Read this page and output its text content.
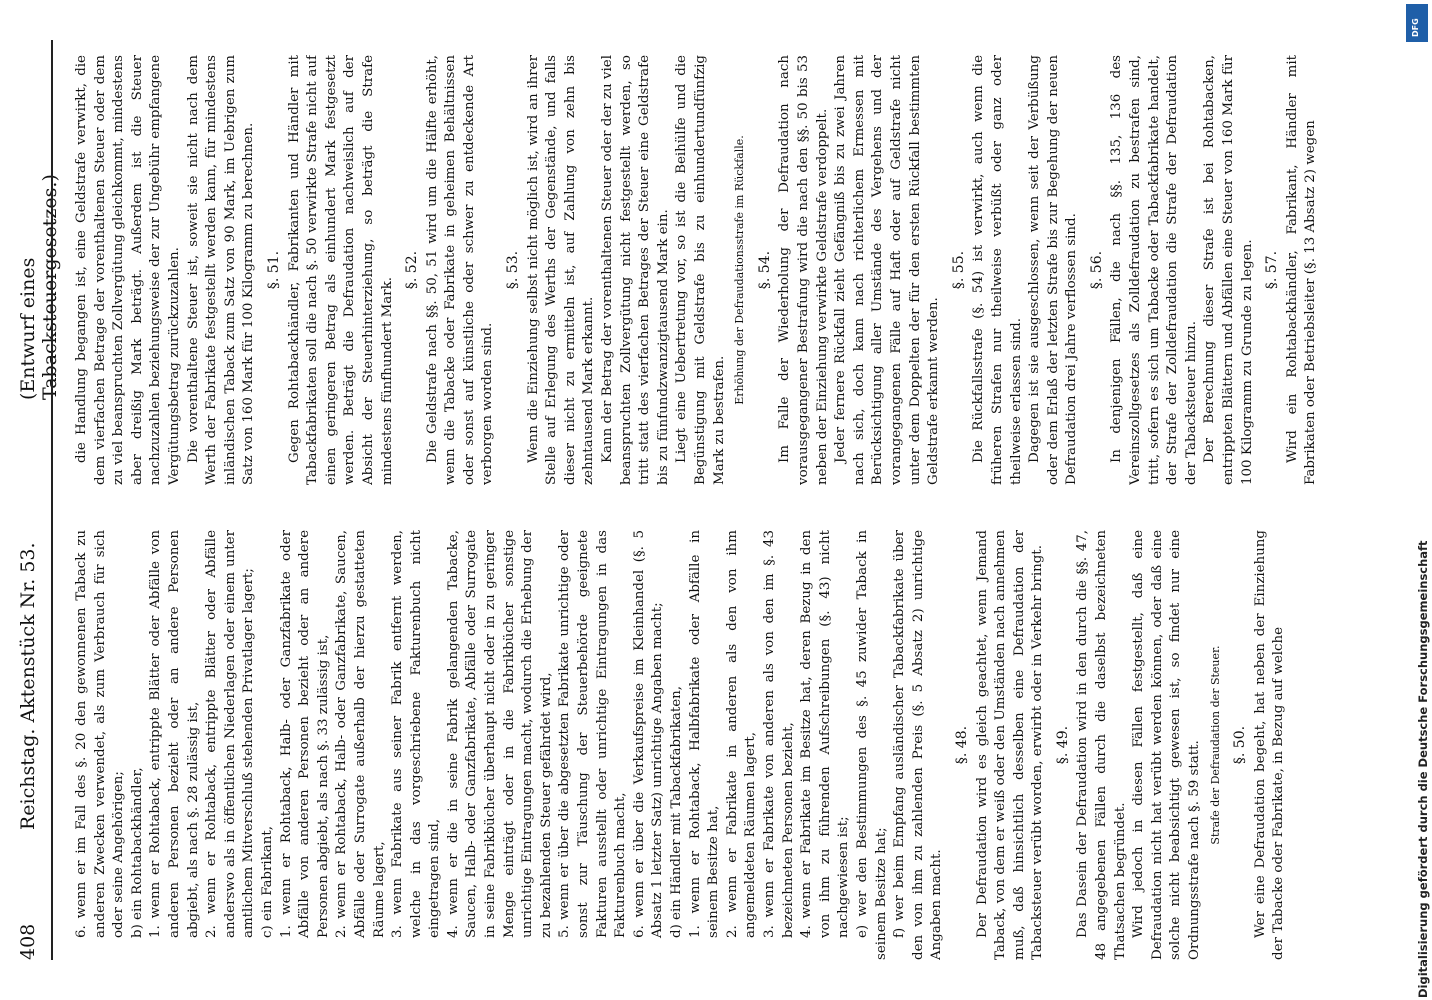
408
Reichstag. Aktenstück Nr. 53.
(Entwurf eines Tabacksteuergesetzes.)

6. wenn er im Fall des §. 20 den gewonnenen Taback zu anderen Zwecken verwendet, als zum Verbrauch für sich oder seine Angehörigen; b) ein Rohtabackhändler, 1. wenn er Rohtaback, entrippte Blätter oder Abfälle von anderen Personen bezieht oder an andere Personen abgiebt, als nach §. 28 zulässig ist, 2. wenn er Rohtaback, entrippte Blätter oder Abfälle anderswo als in öffentlichen Niederlagen oder einem unter amtlichem Mitverschluß stehenden Privatlager lagert; c) ein Fabrikant, 1. wenn er Rohtaback, Halb- oder Ganzfabrikate oder Abfälle von anderen Personen bezieht oder an andere Personen abgiebt, als nach §. 33 zulässig ist, 2. wenn er Rohtaback, Halb- oder Ganzfabrikate, Saucen, Abfälle oder Surrogate außerhalb der hierzu gestatteten Räume lagert, 3. wenn Fabrikate aus seiner Fabrik entfernt werden, welche in das vorgeschriebene Fakturenbuch nicht eingetragen sind, 4. wenn er die in seine Fabrik gelangenden Tabacke, Saucen, Halb- oder Ganzfabrikate, Abfälle oder Surrogate in seine Fabrikbücher überhaupt nicht oder in zu geringer Menge einträgt oder in die Fabrikbücher sonstige unrichtige Eintragungen macht, wodurch die Erhebung der zu bezahlenden Steuer gefährdet wird, 5. wenn er über die abgesetzten Fabrikate unrichtige oder sonst zur Täuschung der Steuerbehörde geeignete Fakturen ausstellt oder unrichtige Eintragungen in das Fakturenbuch macht, 6. wenn er über die Verkaufspreise im Kleinhandel (§. 5 Absatz 1 letzter Satz) unrichtige Angaben macht; d) ein Händler mit Tabackfabrikaten, 1. wenn er Rohtaback, Halbfabrikate oder Abfälle in seinem Besitze hat, 2. wenn er Fabrikate in anderen als den von ihm angemeldeten Räumen lagert, 3. wenn er Fabrikate von anderen als von den im §. 43 bezeichneten Personen bezieht, 4. wenn er Fabrikate im Besitze hat, deren Bezug in den von ihm zu führenden Aufschreibungen (§. 43) nicht nachgewiesen ist; e) wer den Bestimmungen des §. 45 zuwider Taback in seinem Besitze hat; f) wer beim Empfang ausländischer Tabackfabrikate über den von ihm zu zahlenden Preis (§. 5 Absatz 2) unrichtige Angaben macht.

§. 48. Der Defraudation wird es gleich geachtet, wenn Jemand Taback, von dem er weiß oder den Umständen nach annehmen muß, daß hinsichtlich desselben eine Defraudation der Tabacksteuer verübt worden, erwirbt oder in Verkehr bringt. §. 49. Das Dasein der Defraudation wird in den durch die §§. 47, 48 angegebenen Fällen durch die daselbst bezeichneten Thatsachen begründet. Wird jedoch in diesen Fällen festgestellt, daß eine Defraudation nicht hat verübt werden können, oder daß eine solche nicht beabsichtigt gewesen ist, so findet nur eine Ordnungsstrafe nach §. 59 statt. Strafe der Defraudation der Steuer. §. 50. Wer eine Defraudation begeht, hat neben der Einziehung der Tabacke oder Fabrikate, in Bezug auf welche

die Handlung begangen ist, eine Geldstrafe verwirkt, die dem vierfachen Betrage der vorenthaltenen Steuer oder dem zu viel beanspruchten Zollvergütung gleichkommt, mindestens aber dreißig Mark beträgt. Außerdem ist die Steuer nachzuzahlen beziehungsweise der zur Ungebühr empfangene Vergütungsbetrag zurückzuzahlen. Die vorenthaltene Steuer ist, soweit sie nicht nach dem Werth der Fabrikate festgestellt werden kann, für mindestens inländischen Taback zum Satz von 90 Mark, im Uebrigen zum Satz von 160 Mark für 100 Kilogramm zu berechnen. §. 51. Gegen Rohtabackhändler, Fabrikanten und Händler mit Tabackfabrikaten soll die nach §. 50 verwirkte Strafe nicht auf einen geringeren Betrag als einhundert Mark festgesetzt werden. Beträgt die Defraudation nachweislich auf der Absicht der Steuerhinterziehung, so beträgt die Strafe mindestens fünfhundert Mark.

§. 52. Die Geldstrafe nach §§. 50, 51 wird um die Hälfte erhöht, wenn die Tabacke oder Fabrikate in geheimen Behältnissen oder sonst auf künstliche oder schwer zu entdeckende Art verborgen worden sind.

§. 53. Wenn die Einziehung selbst nicht möglich ist, wird an ihrer Stelle auf Erlegung des Werths der Gegenstände, und falls dieser nicht zu ermitteln ist, auf Zahlung von zehn bis zehntausend Mark erkannt. Kann der Betrag der vorenthaltenen Steuer oder der zu viel beanspruchten Zollvergütung nicht festgestellt werden, so tritt statt des vierfachen Betrages der Steuer eine Geldstrafe bis zu fünfundzwanzigtausend Mark ein. Liegt eine Uebertretung vor, so ist die Beihülfe und die Begünstigung mit Geldstrafe bis zu einhundertundfünfzig Mark zu bestrafen.

Erhöhung der Defraudationsstrafe im Rückfalle. §. 54. Im Falle der Wiederholung der Defraudation nach vorausgegangener Bestrafung wird die nach den §§. 50 bis 53 neben der Einziehung verwirkte Geldstrafe verdoppelt. Jeder fernere Rückfall zieht Gefängniß bis zu zwei Jahren nach sich, doch kann nach richterlichem Ermessen mit Berücksichtigung aller Umstände des Vergehens und der vorangegangenen Fälle auf Haft oder auf Geldstrafe nicht unter dem Doppelten der für den ersten Rückfall bestimmten Geldstrafe erkannt werden.

§. 55. Die Rückfallsstrafe (§. 54) ist verwirkt, auch wenn die früheren Strafen nur theilweise verbüßt oder ganz oder theilweise erlassen sind. Dagegen ist sie ausgeschlossen, wenn seit der Verbüßung oder dem Erlaß der letzten Strafe bis zur Begehung der neuen Defraudation drei Jahre verflossen sind. §. 56. In denjenigen Fällen, die nach §§. 135, 136 des Vereinszollgesetzes als Zolldefraudation zu bestrafen sind, tritt, sofern es sich um Tabacke oder Tabackfabrikate handelt, der Strafe der Zolldefraudation die Strafe der Defraudation der Tabacksteuer hinzu. Der Berechnung dieser Strafe ist bei Rohtabacken, entrippten Blättern und Abfällen eine Steuer von 160 Mark für 100 Kilogramm zu Grunde zu legen. §. 57. Wird ein Rohtabackhändler, Fabrikant, Händler mit Fabrikaten oder Betriebsleiter (§. 13 Absatz 2) wegen

Digitalisierung gefördert durch die Deutsche Forschungsgemeinschaft
DFG
